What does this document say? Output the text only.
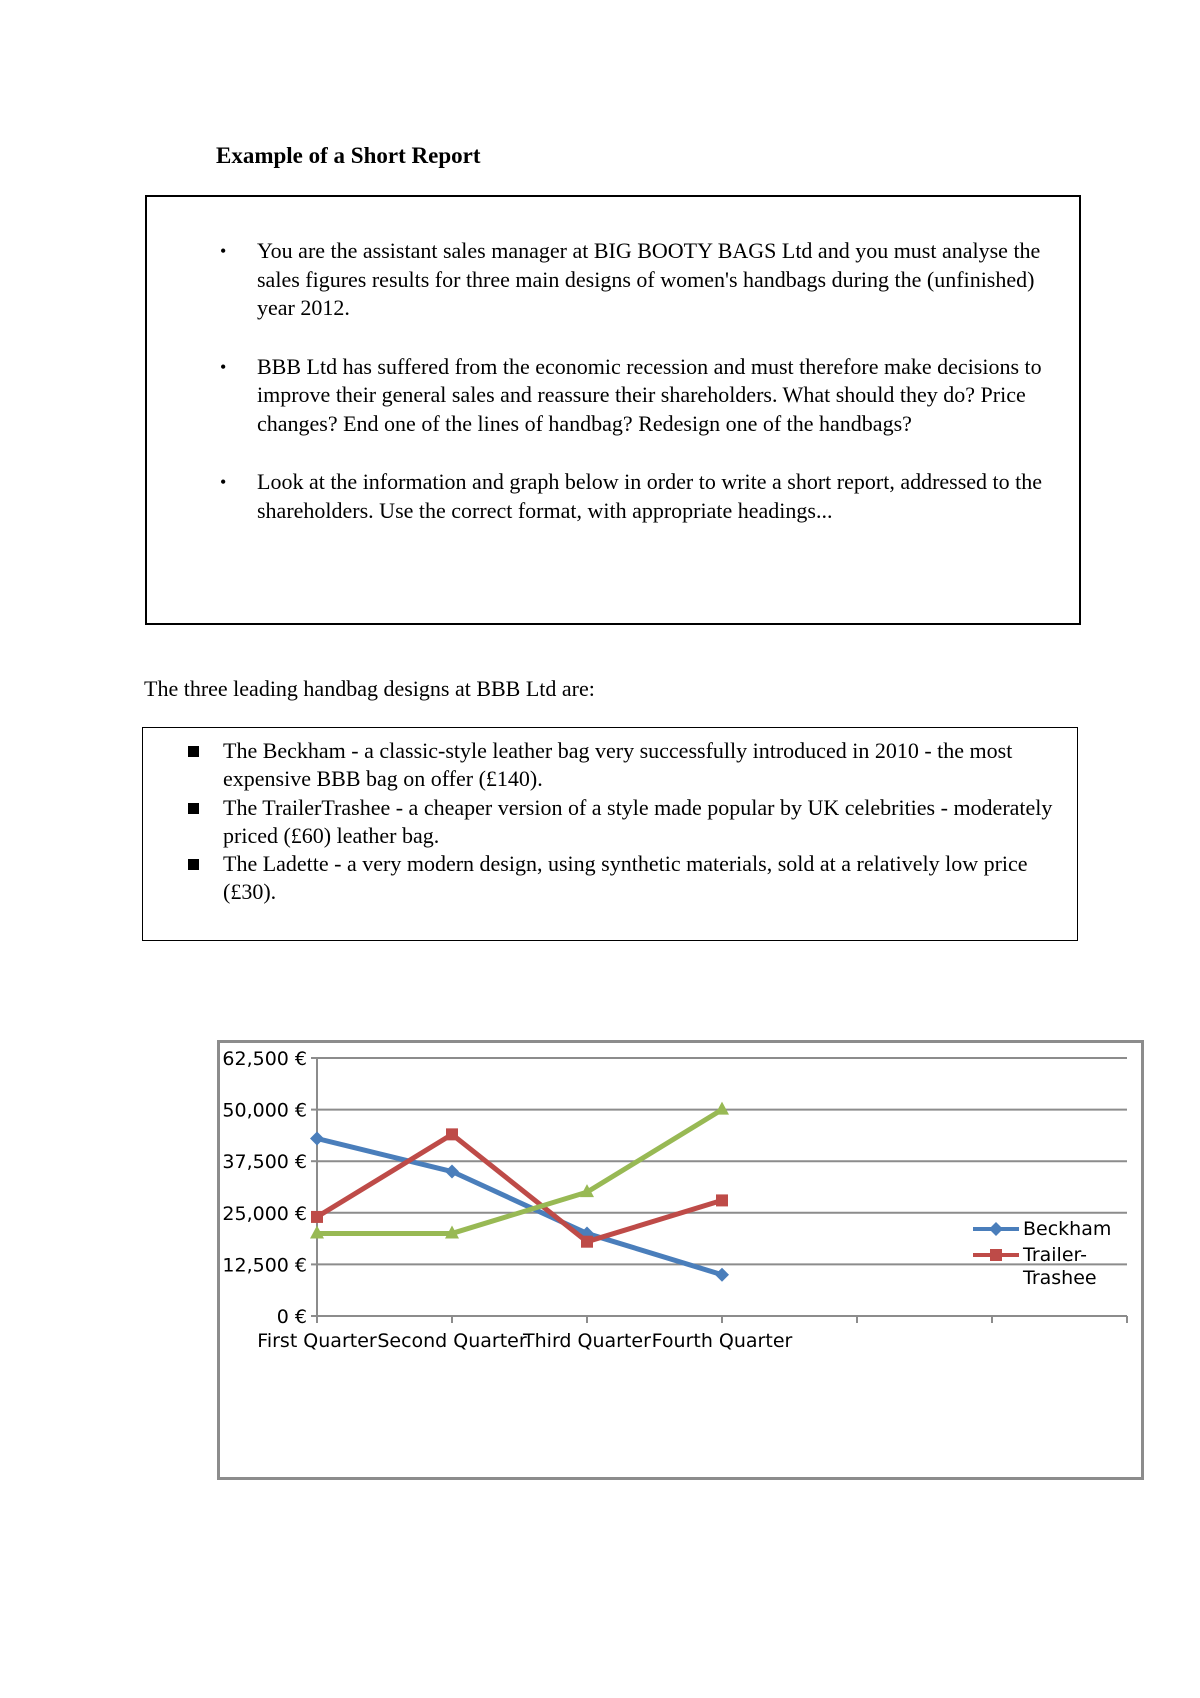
Example of a Short Report
• You are the assistant sales manager at BIG BOOTY BAGS Ltd and you must analyse the sales figures results for three main designs of women's handbags during the (unfinished) year 2012.
• BBB Ltd has suffered from the economic recession and must therefore make decisions to improve their general sales and reassure their shareholders. What should they do? Price changes? End one of the lines of handbag? Redesign one of the handbags?
• Look at the information and graph below in order to write a short report, addressed to the shareholders. Use the correct format, with appropriate headings...
The three leading handbag designs at BBB Ltd are:
The Beckham - a classic-style leather bag very successfully introduced in 2010 - the most expensive BBB bag on offer (£140).
The TrailerTrashee - a cheaper version of a style made popular by UK celebrities - moderately priced (£60) leather bag.
The Ladette - a very modern design, using synthetic materials, sold at a relatively low price (£30).
0 €
12,500 €
25,000 €
37,500 €
50,000 €
62,500 €
First Quarter Second Quarter
Third Quarter Fourth Quarter
Beckham
Trailer-Trashee
